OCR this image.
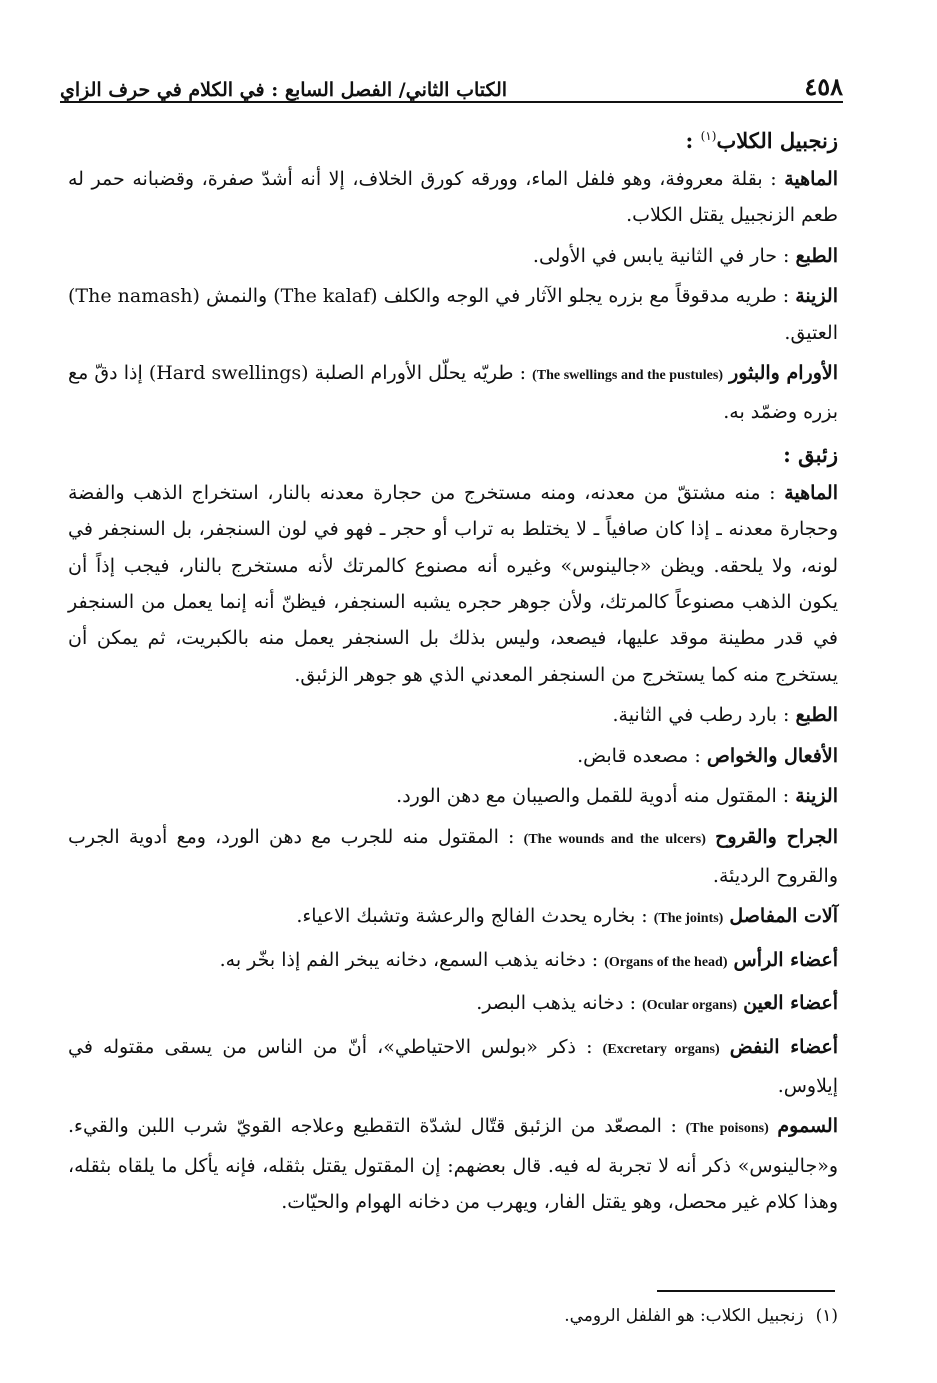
٤٥٨
الكتاب الثاني/ الفصل السابع : في الكلام في حرف الزاي

زنجبيل الكلاب$^{(١)}$ :

الماهية : بقلة معروفة، وهو فلفل الماء، وورقه كورق الخلاف، إلا أنه أشدّ صفرة، وقضبانه حمر له طعم الزنجبيل يقتل الكلاب.

الطبع : حار في الثانية يابس في الأولى.

الزينة : طريه مدقوقاً مع بزره يجلو الآثار في الوجه والكلف (The kalaf) والنمش (The namash) العتيق.

الأورام والبثور (The swellings and the pustules) : طريّه يحلّل الأورام الصلبة (Hard swellings) إذا دقّ مع بزره وضمّد به.

زئبق :

الماهية : منه مشتقّ من معدنه، ومنه مستخرج من حجارة معدنه بالنار، استخراج الذهب والفضة وحجارة معدنه ـ إذا كان صافياً ـ لا يختلط به تراب أو حجر ـ فهو في لون السنجفر، بل السنجفر في لونه، ولا يلحقه. ويظن «جالينوس» وغيره أنه مصنوع كالمرتك لأنه مستخرج بالنار، فيجب إذاً أن يكون الذهب مصنوعاً كالمرتك، ولأن جوهر حجره يشبه السنجفر، فيظنّ أنه إنما يعمل من السنجفر في قدر مطينة موقد عليها، فيصعد، وليس بذلك بل السنجفر يعمل منه بالكبريت، ثم يمكن أن يستخرج منه كما يستخرج من السنجفر المعدني الذي هو جوهر الزئبق.

الطبع : بارد رطب في الثانية.

الأفعال والخواص : مصعده قابض.

الزينة : المقتول منه أدوية للقمل والصيبان مع دهن الورد.

الجراح والقروح (The wounds and the ulcers) : المقتول منه للجرب مع دهن الورد، ومع أدوية الجرب والقروح الرديئة.

آلات المفاصل (The joints) : بخاره يحدث الفالج والرعشة وتشبك الاعياء.

أعضاء الرأس (Organs of the head) : دخانه يذهب السمع، دخانه يبخر الفم إذا بخّر به.

أعضاء العين (Ocular organs) : دخانه يذهب البصر.

أعضاء النفض (Excretary organs) : ذكر «بولس الاحتياطي»، أنّ من الناس من يسقى مقتوله في إيلاوس.

السموم (The poisons) : المصعّد من الزئبق قتّال لشدّة التقطيع وعلاجه القويّ شرب اللبن والقيء. و«جالينوس» ذكر أنه لا تجربة له فيه. قال بعضهم: إن المقتول يقتل بثقله، فإنه يأكل ما يلقاه بثقله، وهذا كلام غير محصل، وهو يقتل الفار، ويهرب من دخانه الهوام والحيّات.

(١)زنجبيل الكلاب: هو الفلفل الرومي.
